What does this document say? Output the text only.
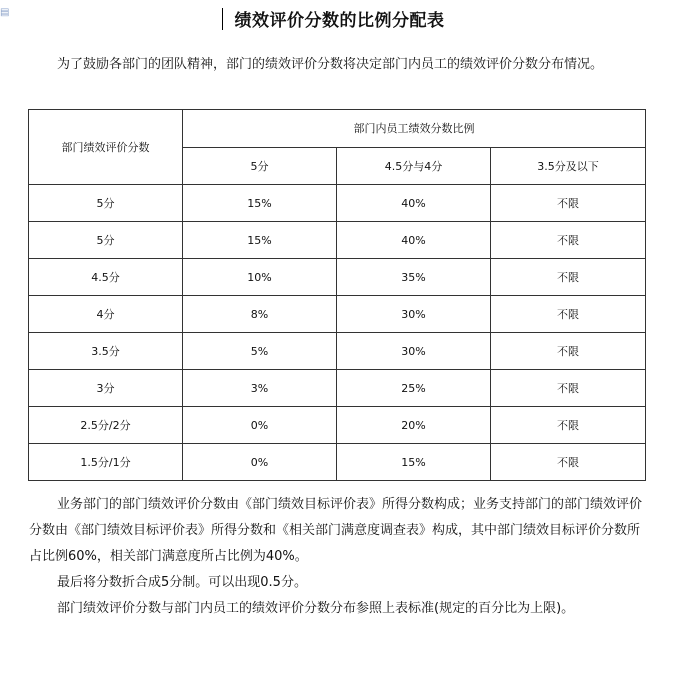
▤	绩效评价分数的比例分配表
为了鼓励各部门的团队精神，部门的绩效评价分数将决定部门内员工的绩效评价分数分布情况。
部门绩效评价分数	部门内员工绩效分数比例		
	5分	4.5分与4分	3.5分及以下
5分	15%	40%	不限
5分	15%	40%	不限
4.5分	10%	35%	不限
4分	8%	30%	不限
3.5分	5%	30%	不限
3分	3%	25%	不限
2.5分/2分	0%	20%	不限
1.5分/1分	0%	15%	不限
业务部门的部门绩效评价分数由《部门绩效目标评价表》所得分数构成；业务支持部门的部门绩效评价分数由《部门绩效目标评价表》所得分数和《相关部门满意度调查表》构成，其中部门绩效目标评价分数所占比例60%，相关部门满意度所占比例为40%。
最后将分数折合成5分制。可以出现0.5分。
部门绩效评价分数与部门内员工的绩效评价分数分布参照上表标准(规定的百分比为上限)。
